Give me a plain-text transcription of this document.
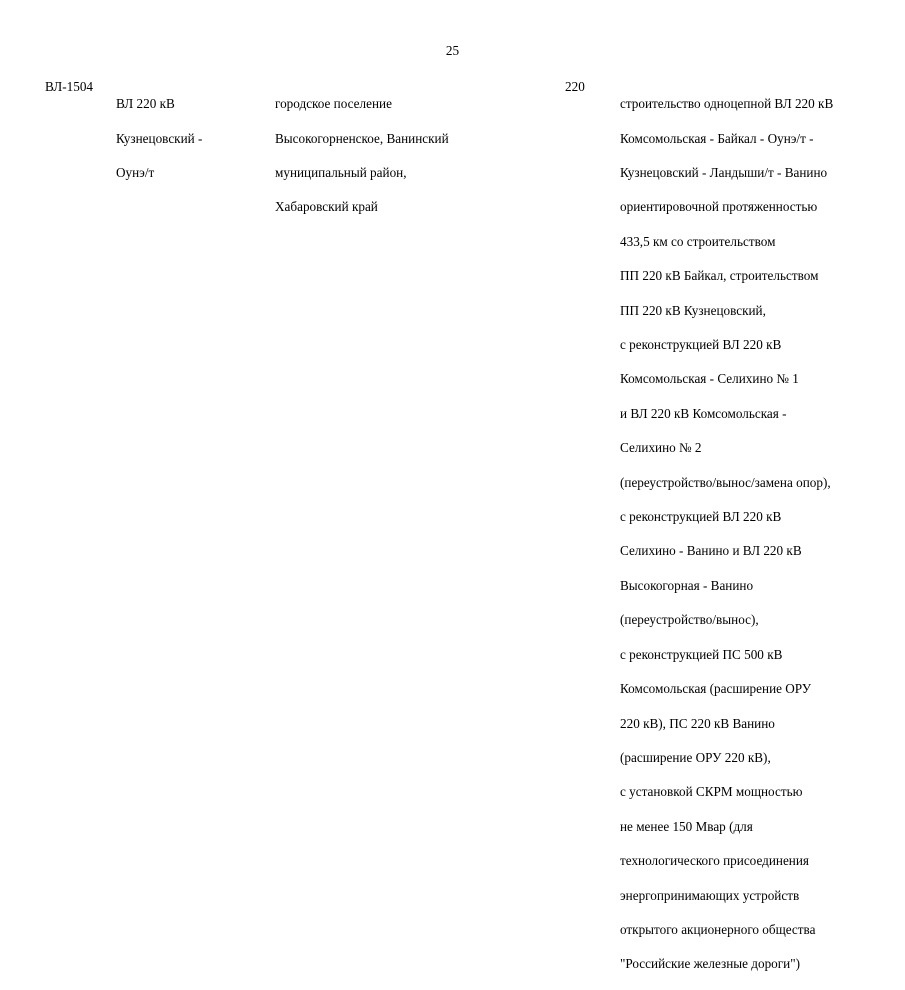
25
ВЛ-1504

ВЛ 220 кВ

Кузнецовский -

Оунэ/т

городское поселение

Высокогорненское, Ванинский

муниципальный район,

Хабаровский край

220

строительство одноцепной ВЛ 220 кВ

Комсомольская - Байкал - Оунэ/т -

Кузнецовский - Ландыши/т - Ванино

ориентировочной протяженностью

433,5 км со строительством

ПП 220 кВ Байкал, строительством

ПП 220 кВ Кузнецовский,

с реконструкцией ВЛ 220 кВ

Комсомольская - Селихино № 1

и ВЛ 220 кВ Комсомольская -

Селихино № 2

(переустройство/вынос/замена опор),

с реконструкцией ВЛ 220 кВ

Селихино - Ванино и ВЛ 220 кВ

Высокогорная - Ванино

(переустройство/вынос),

с реконструкцией ПС 500 кВ

Комсомольская (расширение ОРУ

220 кВ), ПС 220 кВ Ванино

(расширение ОРУ 220 кВ),

с установкой СКРМ мощностью

не менее 150 Мвар (для

технологического присоединения

энергопринимающих устройств

открытого акционерного общества

"Российские железные дороги")
